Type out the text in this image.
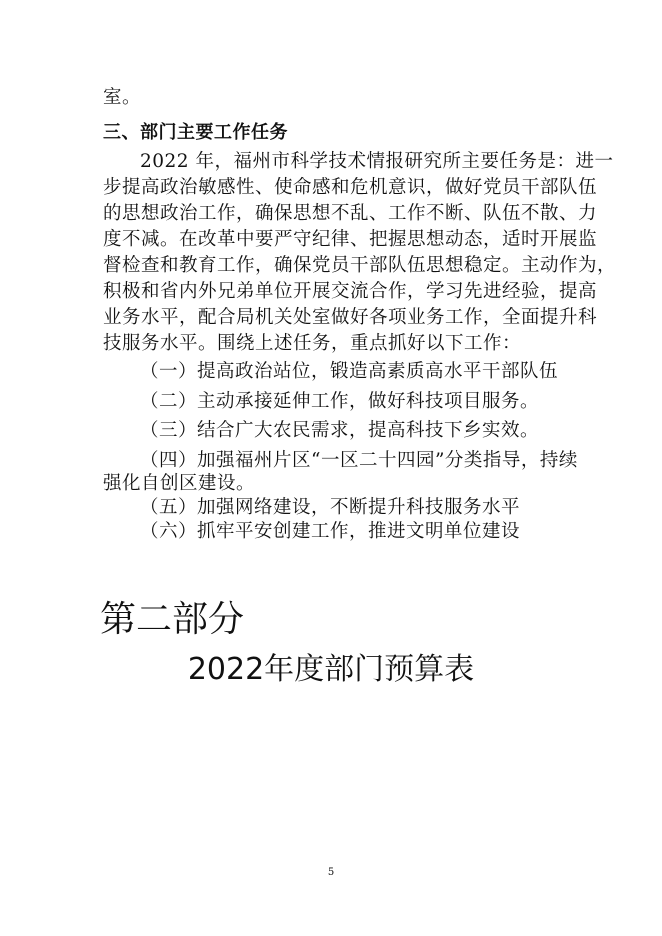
室。
三、部门主要工作任务
2022 年，福州市科学技术情报研究所主要任务是：进一
步提高政治敏感性、使命感和危机意识，做好党员干部队伍
的思想政治工作，确保思想不乱、工作不断、队伍不散、力
度不减。在改革中要严守纪律、把握思想动态，适时开展监
督检查和教育工作，确保党员干部队伍思想稳定。主动作为，
积极和省内外兄弟单位开展交流合作，学习先进经验，提高
业务水平，配合局机关处室做好各项业务工作，全面提升科
技服务水平。围绕上述任务，重点抓好以下工作：
（一）提高政治站位，锻造高素质高水平干部队伍
（二）主动承接延伸工作，做好科技项目服务。
（三）结合广大农民需求，提高科技下乡实效。
（四）加强福州片区“一区二十四园”分类指导，持续
强化自创区建设。
（五）加强网络建设，不断提升科技服务水平
（六）抓牢平安创建工作，推进文明单位建设
第二部分
2022年度部门预算表
5
